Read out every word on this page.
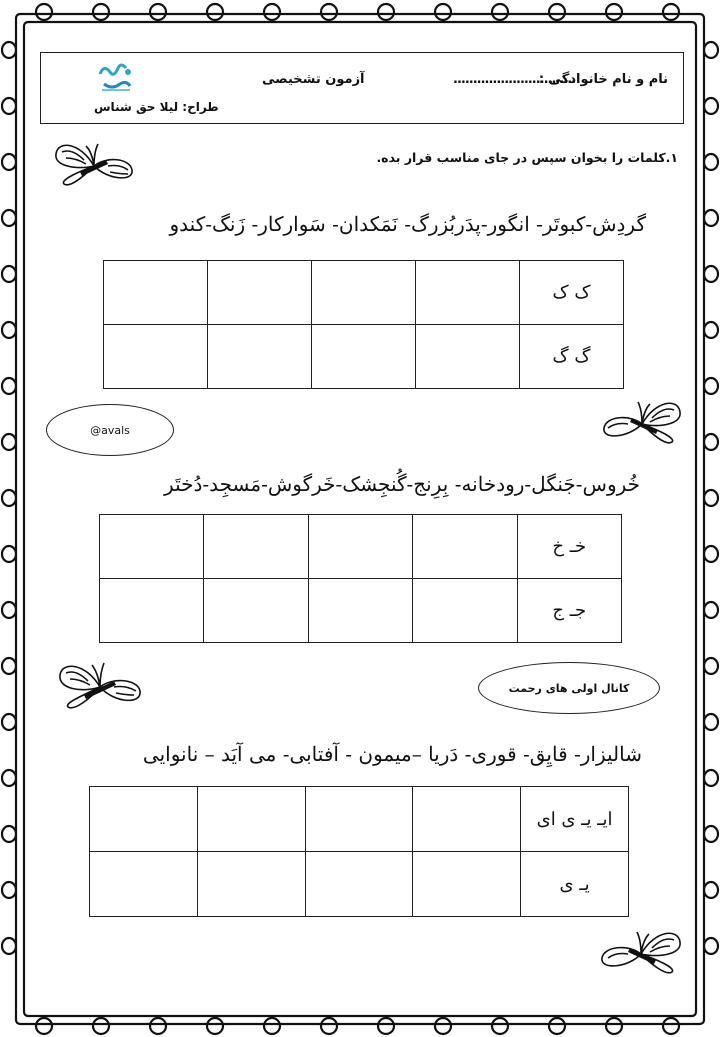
نام و نام خانوادگی :
...............................
آزمون تشخیصی
طراح: لیلا حق شناس
۱.کلمات را بخوان سپس در جای مناسب قرار بده.
گردِش-کبوتَر- انگور-پدَربُزرگ- نَمَکدان- سَوارکار- زَنگ-کندو
				ک ک
				گ گ
@avals
خُروس-جَنگل-رودخانه- بِرِنج-گُنجِشک-خَرگوش-مَسجِد-دُختَر
				خـ خ
				جـ ج
کانال اولی های رحمت
شالیزار- قایِق- قوری- دَریا –میمون - آفتابی- می آیَد – نانوایی
				ایـ یـ ی ای
				یـ ی
